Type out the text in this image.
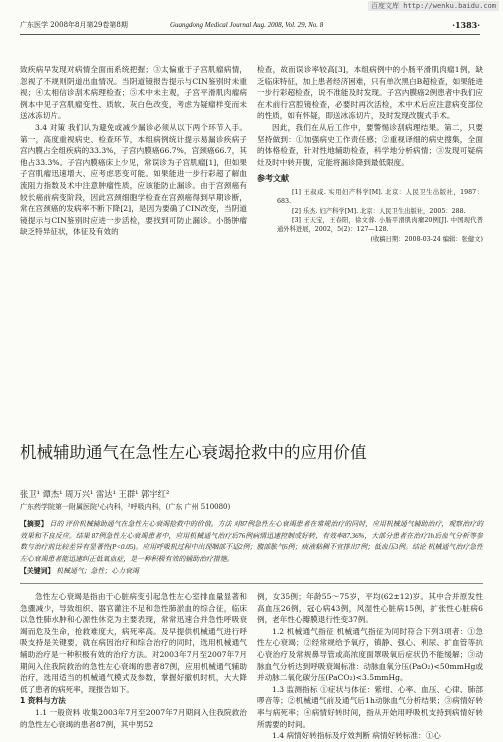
百度文库 http://wenku.baidu.com
广东医学 2008年8月第29卷第8期	Guangdong Medical Journal Aug. 2008, Vol. 29, No. 8	·1383·

致疾病早发现对病情全面而系统把握；③太偏重于子宫肌瘤病情，忽视了不规则阴道出血情况。当阴道镜报告提示与CIN鉴别时未重视；④太相信诊刮术病理检查；⑤术中未主观，子宫平滑肌肉瘤病例本中见子宫肌瘤变性、质软、灰白色改变，考虑为疑瘤样变而未送冰冻切片。

3.4 对策 我们认为避免或减少漏诊必须从以下两个环节入手。第一，高度重视病史、检查环节，本组病例统计提示易漏诊疾病子宫内膜占全组疾病的33.3%，子宫内膜癌66.7%，宫颈癌66.7，其他占33.3%。子宫内膜癌床上少见，常误诊为子宫肌瘤[1]，但如果子宫肌瘤迅速增大、应考虑恶变可能。如果能进一步行彩超了解血流阻力指数及术中注意肿瘤性质，应该能防止漏诊。由于宫颈癌有较长癌前病变阶段，因此宫颈细胞学检查在宫颈癌得到早期诊断，常在宫颈癌的发病率不断下降[2]，是因为要确了CIN改变，当阴道镜提示与CIN鉴别时应进一步活检，要找到可防止漏诊。小肠肿瘤缺乏特异征状，体征及有效的

检查，故而误诊率较高[3]，本组病例中的小肠平滑肌肉瘤1例，缺乏临床特征，加上患者经济困难，只有单次黑白B超检查，如果能进一步行彩超检查，说不准能及时发现。子宫内膜癌2例患者中我们应在术前行宫腔镜检查，必要时再次活检，术中术后应注意病变部位的性质，如有怀疑，即送冰冻切片，及时发现改腹式手术。

因此，我们在从后工作中，要警惕诊刮病理结果。第二，只要坚持做到：①加强病史工作责任感；②重视译细的病史搜集，全面的体格检查，针对性地辅助检查，科学地分析病情；③发现可疑病灶及时中转开腹，定能将漏诊降到最低限度。

参考文献

[1] 王叔咸. 实用妇产科学[M]. 北京：人民卫生出版社，1987：683.

[2] 乐杰. 妇产科学[M]. 北京：人民卫生出版社，2005：288.

[3] 王天宝，王春阳，徐文蓉. 小肠平滑肌肉瘤20例[J]. 中国现代普通外科进展，2002，5(2)：127—128.

(收稿日期：2008-03-24 编辑：张健文)
机械辅助通气在急性左心衰竭抢救中的应用价值
张卫¹ 谭杰¹ 周万兴¹ 雷达¹ 王群¹ 郭宇红²
广东药学院第一附属医院¹心内科，²呼吸内科，(广东 广州 510080)
【摘要】 目的 评价机械辅助通气在急性左心衰竭抢救中的价值。方法 对87例急性左心衰竭患者在常规治疗的同时，应用机械通气辅助治疗，观察治疗的效果和不良反应。结果 87例急性左心衰竭患者中，应用机械通气治疗后76例病情迅速控制或好转，有效率87.36%，大部分患者在治疗1h后血气分析等参数与治疗前比较差异有显著性(P<0.05)。应用呼吸机过程中出现咽部不适2例；腹部胀气6例；痰液粘稠不宜排出7例；低血压3例。结论 机械通气治疗急性左心衰竭患者能迅速纠正低氧血症，是一种积极有效的辅助治疗措施。
【关键词】 机械通气；急性；心力衰竭

急性左心衰竭是指由于心脏病变引起急性左心室排血量显著和急骤减少，导致组织、器官灌注不足和急性肺淤血的综合征，临床以急性肺水肿和心源性休克为主要表现，常常迅速合并急性呼吸衰竭而危及生命，抢救难度大，病死率高。及早提供机械通气进行呼吸支持是关键要，就在病因治疗和综合治疗的同时，选用机械通气辅助治疗是一种积极有效的治疗方法。对2003年7月至2007年7月期间入住我院救治的急性左心衰竭的患者87例，应用机械通气辅助治疗，选用适当的机械通气模式及参数，掌握好撤机时机，大大降低了患者的病死率，现报告如下。

1 资料与方法

1.1 一般资料 收集2003年7月至2007年7月期间入住我院救治的急性左心衰竭的患者87例，其中男52

例，女35例；年龄55～75岁，平均(62±12)岁。其中合并原发性高血压26例，冠心病43例，风湿性心脏病15例，扩张性心脏病6例，老年性心瓣膜退行性变37例。

1.2 机械通气指征 机械通气指征为同时符合下列3项者：①急性左心衰竭；②经常规给予氧疗，镇静、强心、利尿、扩血管等抗心衰治疗及常规鼻导管或高浓度面罩吸氧后症状仍不能缓解；③动脉血气分析达到呼吸衰竭标准：动脉血氧分压(PaO₂)<50mmHg或并动脉二氧化碳分压(PaCO₂)<3.5mmHg。

1.3 监测指标 ①症状与体征：紫绀、心率、血压、心律、肺部啰音等；②机械通气前及通气后1h动脉血气分析结果；③病情好转率与病死率；④病情好转时间，指从开始用呼吸机支持到病情好转所需要的时间。

1.4 病情好转指标及疗效判断 病情好转标准：①心
